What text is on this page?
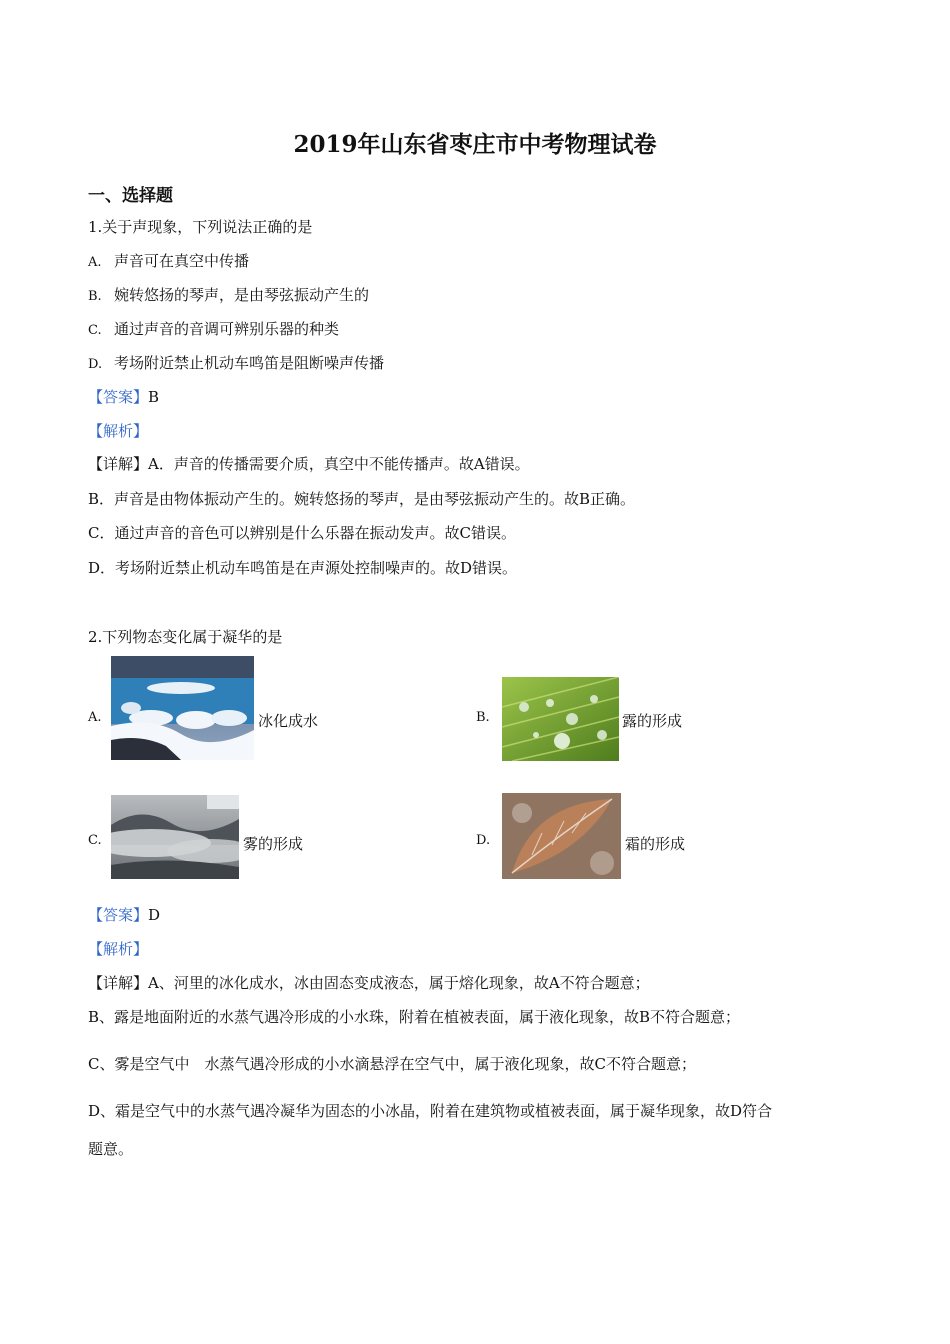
2019年山东省枣庄市中考物理试卷
一、选择题
1.关于声现象，下列说法正确的是
A. 声音可在真空中传播
B. 婉转悠扬的琴声，是由琴弦振动产生的
C. 通过声音的音调可辨别乐器的种类
D. 考场附近禁止机动车鸣笛是阻断噪声传播
【答案】B
【解析】
【详解】A．声音的传播需要介质，真空中不能传播声。故A错误。
B．声音是由物体振动产生的。婉转悠扬的琴声，是由琴弦振动产生的。故B正确。
C．通过声音的音色可以辨别是什么乐器在振动发声。故C错误。
D．考场附近禁止机动车鸣笛是在声源处控制噪声的。故D错误。
2.下列物态变化属于凝华的是
A.	冰化成水	B.	露的形成
C.	雾的形成	D.	霜的形成
【答案】D
【解析】
【详解】A、河里的冰化成水，冰由固态变成液态，属于熔化现象，故A不符合题意；
B、露是地面附近的水蒸气遇冷形成的小水珠，附着在植被表面，属于液化现象，故B不符合题意；
C、雾是空气中　水蒸气遇冷形成的小水滴悬浮在空气中，属于液化现象，故C不符合题意；
D、霜是空气中的水蒸气遇冷凝华为固态的小冰晶，附着在建筑物或植被表面，属于凝华现象，故D符合
题意。
